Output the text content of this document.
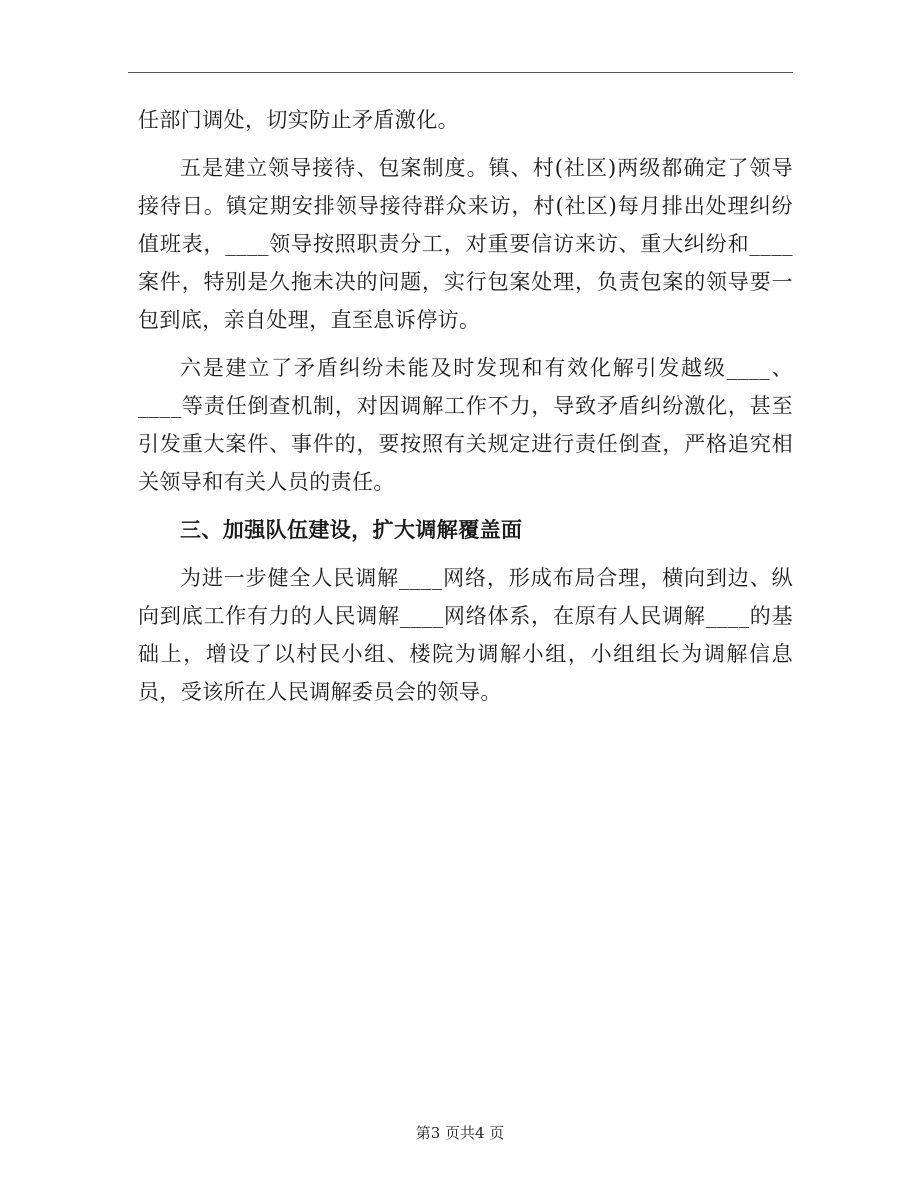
任部门调处，切实防止矛盾激化。

五是建立领导接待、包案制度。镇、村(社区)两级都确定了领导接待日。镇定期安排领导接待群众来访，村(社区)每月排出处理纠纷值班表，____领导按照职责分工，对重要信访来访、重大纠纷和____案件，特别是久拖未决的问题，实行包案处理，负责包案的领导要一包到底，亲自处理，直至息诉停访。

六是建立了矛盾纠纷未能及时发现和有效化解引发越级____、____等责任倒查机制，对因调解工作不力，导致矛盾纠纷激化，甚至引发重大案件、事件的，要按照有关规定进行责任倒查，严格追究相关领导和有关人员的责任。

三、加强队伍建设，扩大调解覆盖面

为进一步健全人民调解____网络，形成布局合理，横向到边、纵向到底工作有力的人民调解____网络体系，在原有人民调解____的基础上，增设了以村民小组、楼院为调解小组，小组组长为调解信息员，受该所在人民调解委员会的领导。

第3 页共4 页
